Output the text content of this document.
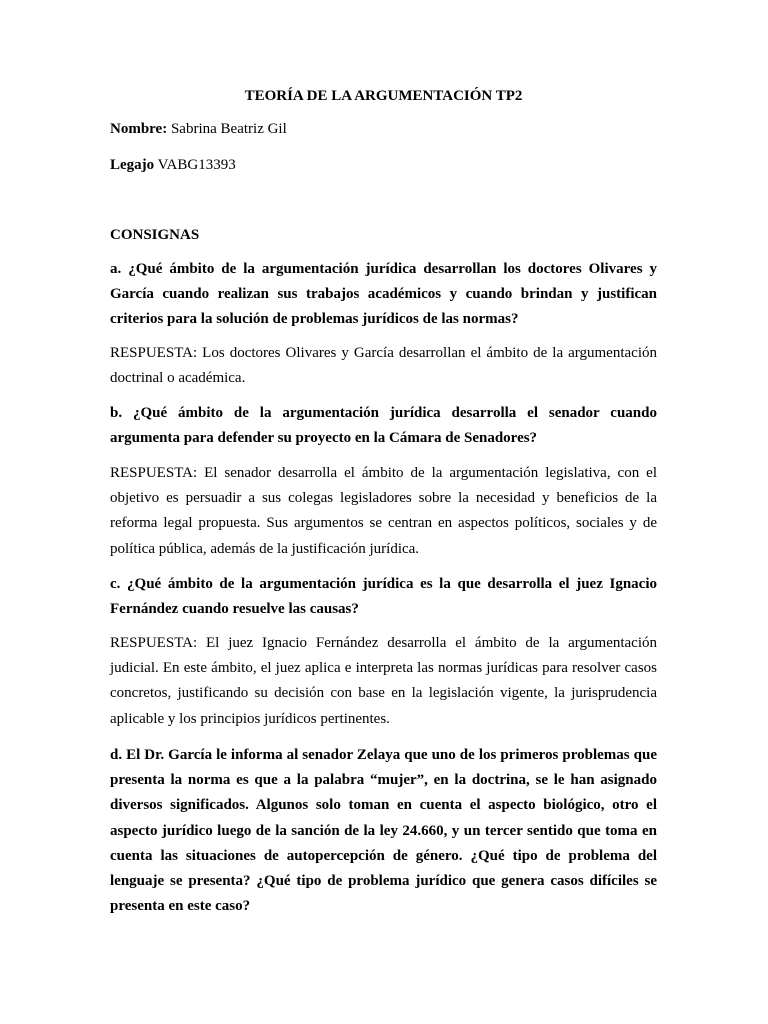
TEORÍA DE LA ARGUMENTACIÓN TP2
Nombre: Sabrina Beatriz Gil
Legajo VABG13393
CONSIGNAS

a. ¿Qué ámbito de la argumentación jurídica desarrollan los doctores Olivares y García cuando realizan sus trabajos académicos y cuando brindan y justifican criterios para la solución de problemas jurídicos de las normas?

RESPUESTA: Los doctores Olivares y García desarrollan el ámbito de la argumentación doctrinal o académica.

b. ¿Qué ámbito de la argumentación jurídica desarrolla el senador cuando argumenta para defender su proyecto en la Cámara de Senadores?

RESPUESTA: El senador desarrolla el ámbito de la argumentación legislativa, con el objetivo es persuadir a sus colegas legisladores sobre la necesidad y beneficios de la reforma legal propuesta. Sus argumentos se centran en aspectos políticos, sociales y de política pública, además de la justificación jurídica.

c. ¿Qué ámbito de la argumentación jurídica es la que desarrolla el juez Ignacio Fernández cuando resuelve las causas?

RESPUESTA: El juez Ignacio Fernández desarrolla el ámbito de la argumentación judicial. En este ámbito, el juez aplica e interpreta las normas jurídicas para resolver casos concretos, justificando su decisión con base en la legislación vigente, la jurisprudencia aplicable y los principios jurídicos pertinentes.

d. El Dr. García le informa al senador Zelaya que uno de los primeros problemas que presenta la norma es que a la palabra “mujer”, en la doctrina, se le han asignado diversos significados. Algunos solo toman en cuenta el aspecto biológico, otro el aspecto jurídico luego de la sanción de la ley 24.660, y un tercer sentido que toma en cuenta las situaciones de autopercepción de género. ¿Qué tipo de problema del lenguaje se presenta? ¿Qué tipo de problema jurídico que genera casos difíciles se presenta en este caso?
